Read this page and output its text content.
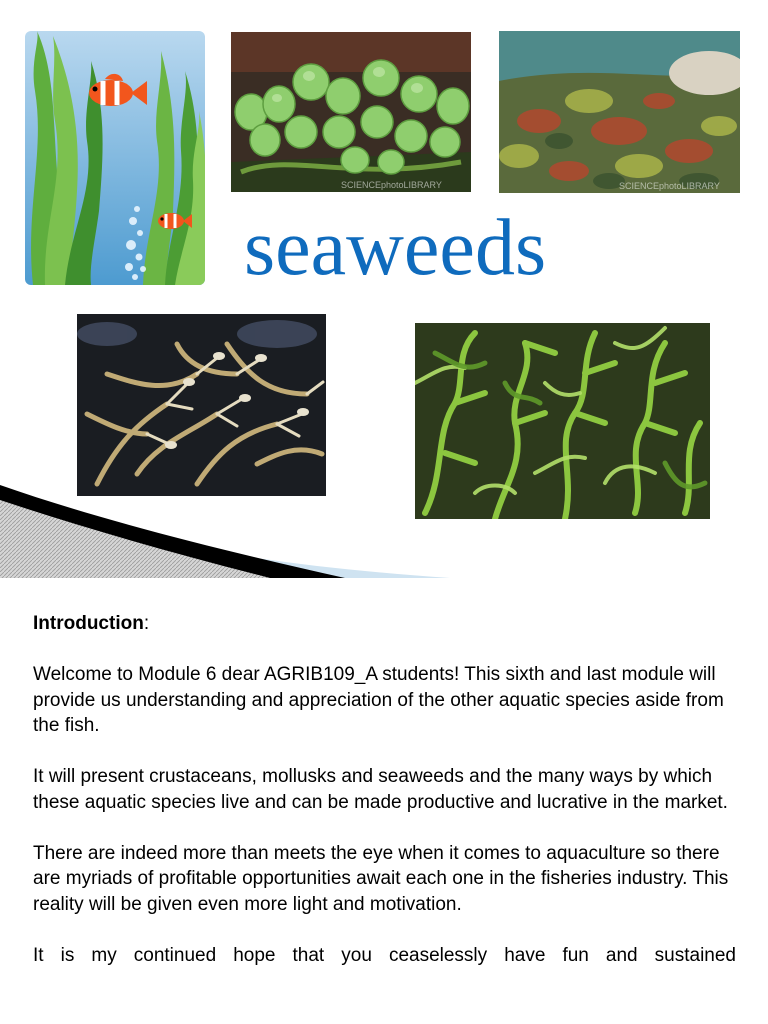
SCIENCEphotoLIBRARY	SCIENCEphotoLIBRARY
seaweeds

Introduction:

Welcome to Module 6 dear AGRIB109_A students! This sixth and last module will provide us understanding and appreciation of the other aquatic species aside from the fish.

It will present crustaceans, mollusks and seaweeds and the many ways by which these aquatic species live and can be made productive and lucrative in the market.

There are indeed more than meets the eye when it comes to aquaculture so there are myriads of profitable opportunities await each one in the fisheries industry. This reality will be given even more light and motivation.

It is my continued hope that you ceaselessly have fun and sustained
